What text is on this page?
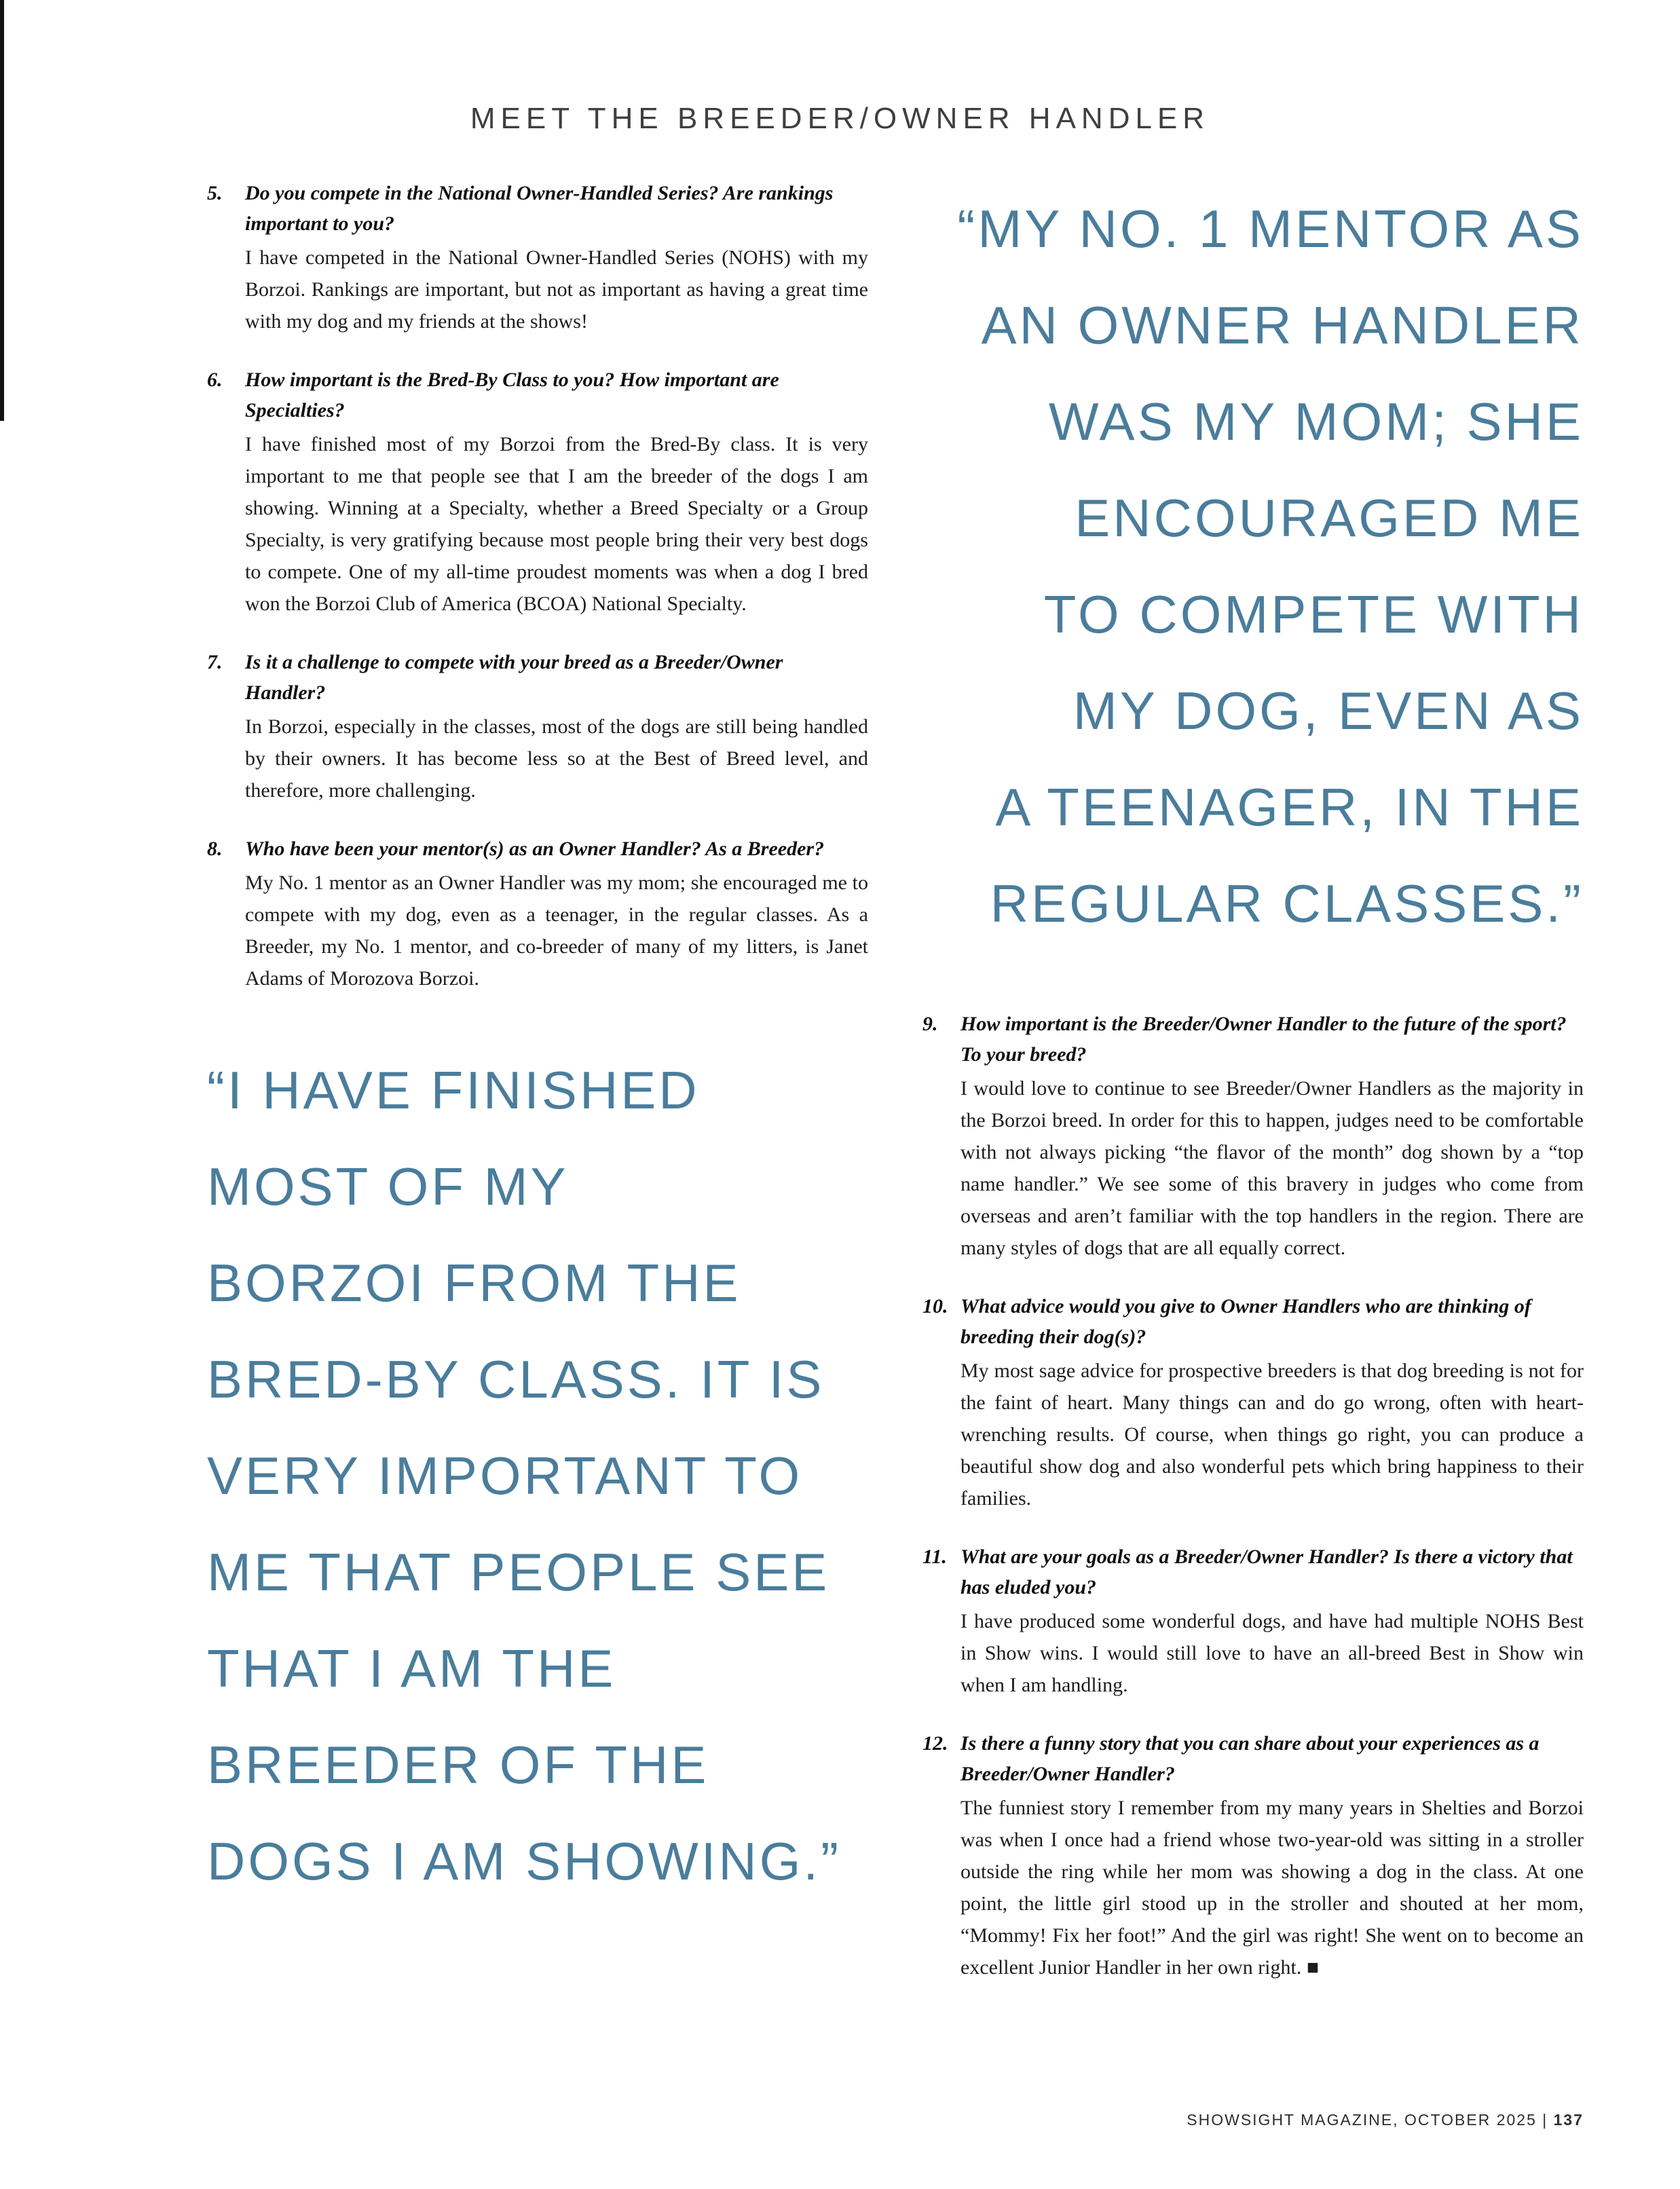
MEET THE BREEDER/OWNER HANDLER
5. Do you compete in the National Owner-Handled Series? Are rankings important to you?
I have competed in the National Owner-Handled Series (NOHS) with my Borzoi. Rankings are important, but not as important as having a great time with my dog and my friends at the shows!
6. How important is the Bred-By Class to you? How important are Specialties?
I have finished most of my Borzoi from the Bred-By class. It is very important to me that people see that I am the breeder of the dogs I am showing. Winning at a Specialty, whether a Breed Specialty or a Group Specialty, is very gratifying because most people bring their very best dogs to compete. One of my all-time proudest moments was when a dog I bred won the Borzoi Club of America (BCOA) National Specialty.
7. Is it a challenge to compete with your breed as a Breeder/Owner Handler?
In Borzoi, especially in the classes, most of the dogs are still being handled by their owners. It has become less so at the Best of Breed level, and therefore, more challenging.
8. Who have been your mentor(s) as an Owner Handler? As a Breeder?
My No. 1 mentor as an Owner Handler was my mom; she encouraged me to compete with my dog, even as a teenager, in the regular classes. As a Breeder, my No. 1 mentor, and co-breeder of many of my litters, is Janet Adams of Morozova Borzoi.
“I HAVE FINISHED
MOST OF MY
BORZOI FROM THE
BRED-BY CLASS. IT IS
VERY IMPORTANT TO
ME THAT PEOPLE SEE
THAT I AM THE
BREEDER OF THE
DOGS I AM SHOWING.”
“MY NO. 1 MENTOR AS
AN OWNER HANDLER
WAS MY MOM; SHE
ENCOURAGED ME
TO COMPETE WITH
MY DOG, EVEN AS
A TEENAGER, IN THE
REGULAR CLASSES.”
9. How important is the Breeder/Owner Handler to the future of the sport? To your breed?
I would love to continue to see Breeder/Owner Handlers as the majority in the Borzoi breed. In order for this to happen, judges need to be comfortable with not always picking “the flavor of the month” dog shown by a “top name handler.” We see some of this bravery in judges who come from overseas and aren’t familiar with the top handlers in the region. There are many styles of dogs that are all equally correct.
10. What advice would you give to Owner Handlers who are thinking of breeding their dog(s)?
My most sage advice for prospective breeders is that dog breeding is not for the faint of heart. Many things can and do go wrong, often with heart-wrenching results. Of course, when things go right, you can produce a beautiful show dog and also wonderful pets which bring happiness to their families.
11. What are your goals as a Breeder/Owner Handler? Is there a victory that has eluded you?
I have produced some wonderful dogs, and have had multiple NOHS Best in Show wins. I would still love to have an all-breed Best in Show win when I am handling.
12. Is there a funny story that you can share about your experiences as a Breeder/Owner Handler?
The funniest story I remember from my many years in Shelties and Borzoi was when I once had a friend whose two-year-old was sitting in a stroller outside the ring while her mom was showing a dog in the class. At one point, the little girl stood up in the stroller and shouted at her mom, “Mommy! Fix her foot!” And the girl was right! She went on to become an excellent Junior Handler in her own right. ■
SHOWSIGHT MAGAZINE, OCTOBER 2025 | 137
